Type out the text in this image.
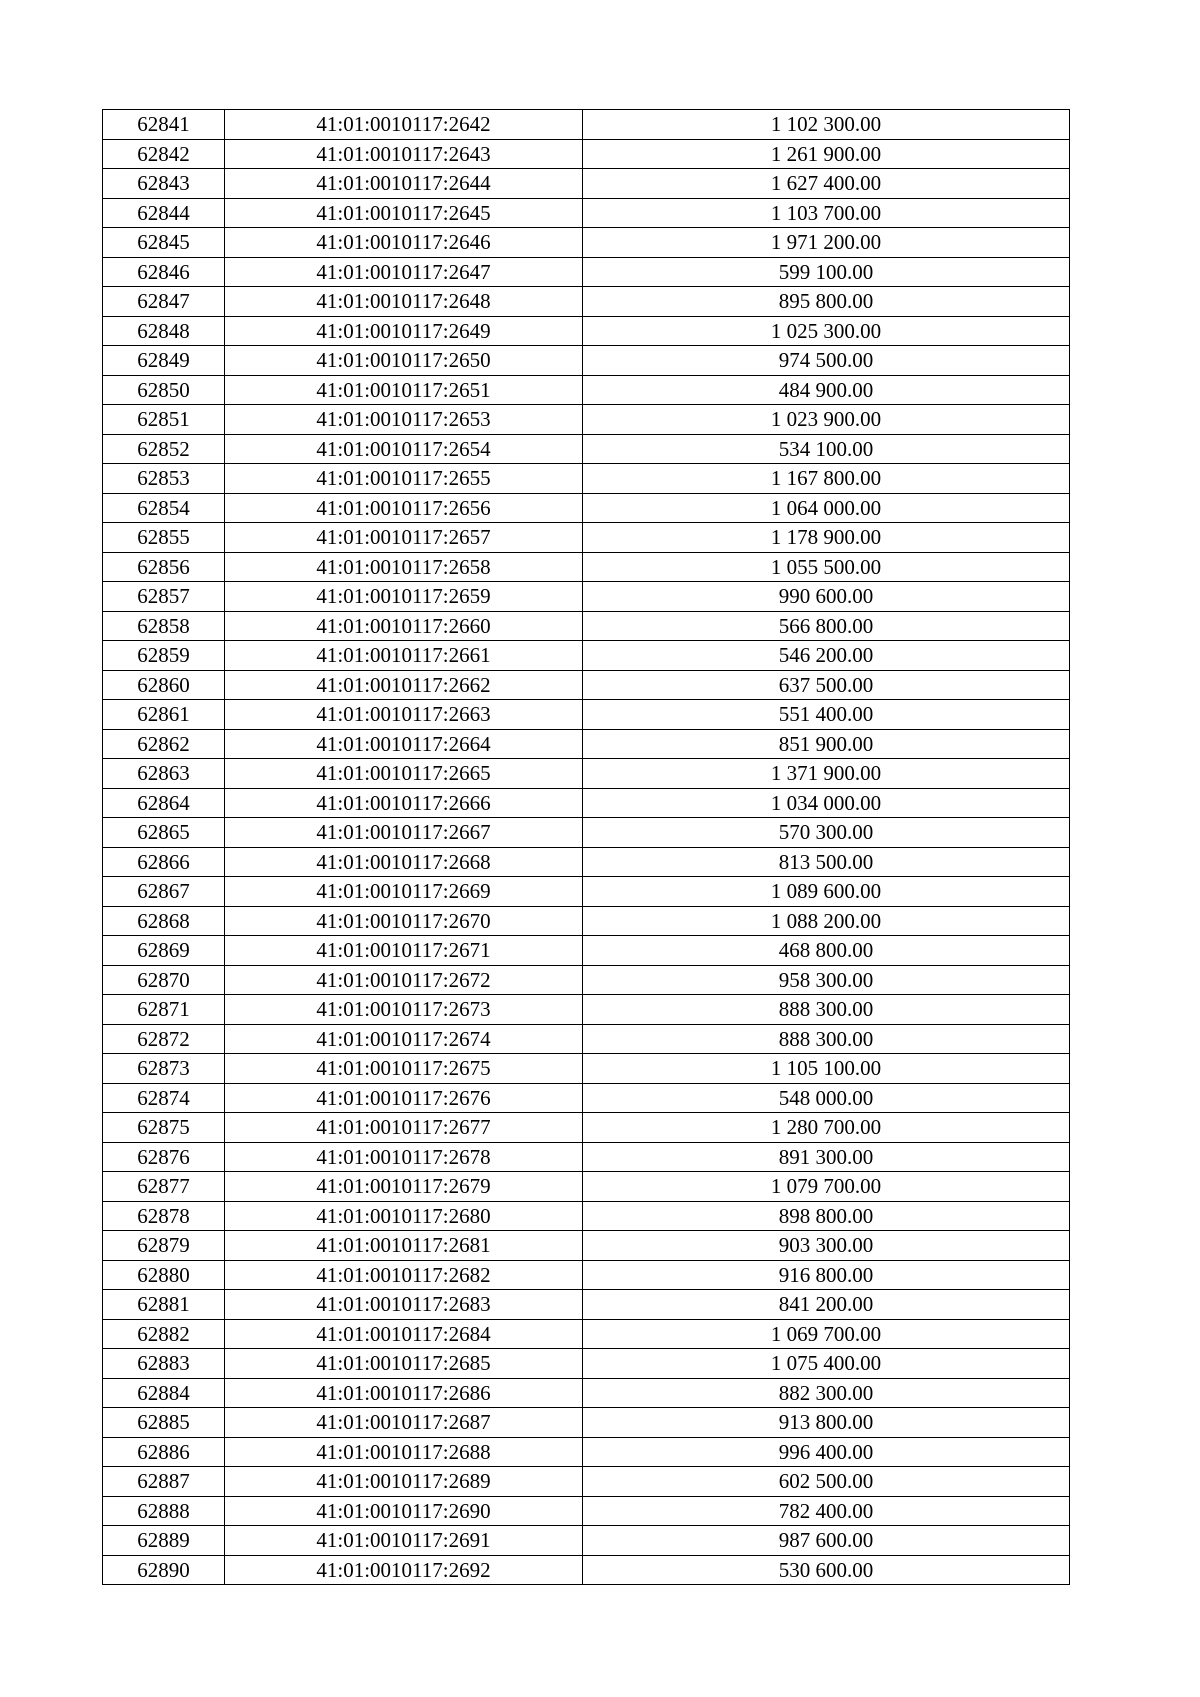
62841	41:01:0010117:2642	1 102 300.00
62842	41:01:0010117:2643	1 261 900.00
62843	41:01:0010117:2644	1 627 400.00
62844	41:01:0010117:2645	1 103 700.00
62845	41:01:0010117:2646	1 971 200.00
62846	41:01:0010117:2647	599 100.00
62847	41:01:0010117:2648	895 800.00
62848	41:01:0010117:2649	1 025 300.00
62849	41:01:0010117:2650	974 500.00
62850	41:01:0010117:2651	484 900.00
62851	41:01:0010117:2653	1 023 900.00
62852	41:01:0010117:2654	534 100.00
62853	41:01:0010117:2655	1 167 800.00
62854	41:01:0010117:2656	1 064 000.00
62855	41:01:0010117:2657	1 178 900.00
62856	41:01:0010117:2658	1 055 500.00
62857	41:01:0010117:2659	990 600.00
62858	41:01:0010117:2660	566 800.00
62859	41:01:0010117:2661	546 200.00
62860	41:01:0010117:2662	637 500.00
62861	41:01:0010117:2663	551 400.00
62862	41:01:0010117:2664	851 900.00
62863	41:01:0010117:2665	1 371 900.00
62864	41:01:0010117:2666	1 034 000.00
62865	41:01:0010117:2667	570 300.00
62866	41:01:0010117:2668	813 500.00
62867	41:01:0010117:2669	1 089 600.00
62868	41:01:0010117:2670	1 088 200.00
62869	41:01:0010117:2671	468 800.00
62870	41:01:0010117:2672	958 300.00
62871	41:01:0010117:2673	888 300.00
62872	41:01:0010117:2674	888 300.00
62873	41:01:0010117:2675	1 105 100.00
62874	41:01:0010117:2676	548 000.00
62875	41:01:0010117:2677	1 280 700.00
62876	41:01:0010117:2678	891 300.00
62877	41:01:0010117:2679	1 079 700.00
62878	41:01:0010117:2680	898 800.00
62879	41:01:0010117:2681	903 300.00
62880	41:01:0010117:2682	916 800.00
62881	41:01:0010117:2683	841 200.00
62882	41:01:0010117:2684	1 069 700.00
62883	41:01:0010117:2685	1 075 400.00
62884	41:01:0010117:2686	882 300.00
62885	41:01:0010117:2687	913 800.00
62886	41:01:0010117:2688	996 400.00
62887	41:01:0010117:2689	602 500.00
62888	41:01:0010117:2690	782 400.00
62889	41:01:0010117:2691	987 600.00
62890	41:01:0010117:2692	530 600.00
